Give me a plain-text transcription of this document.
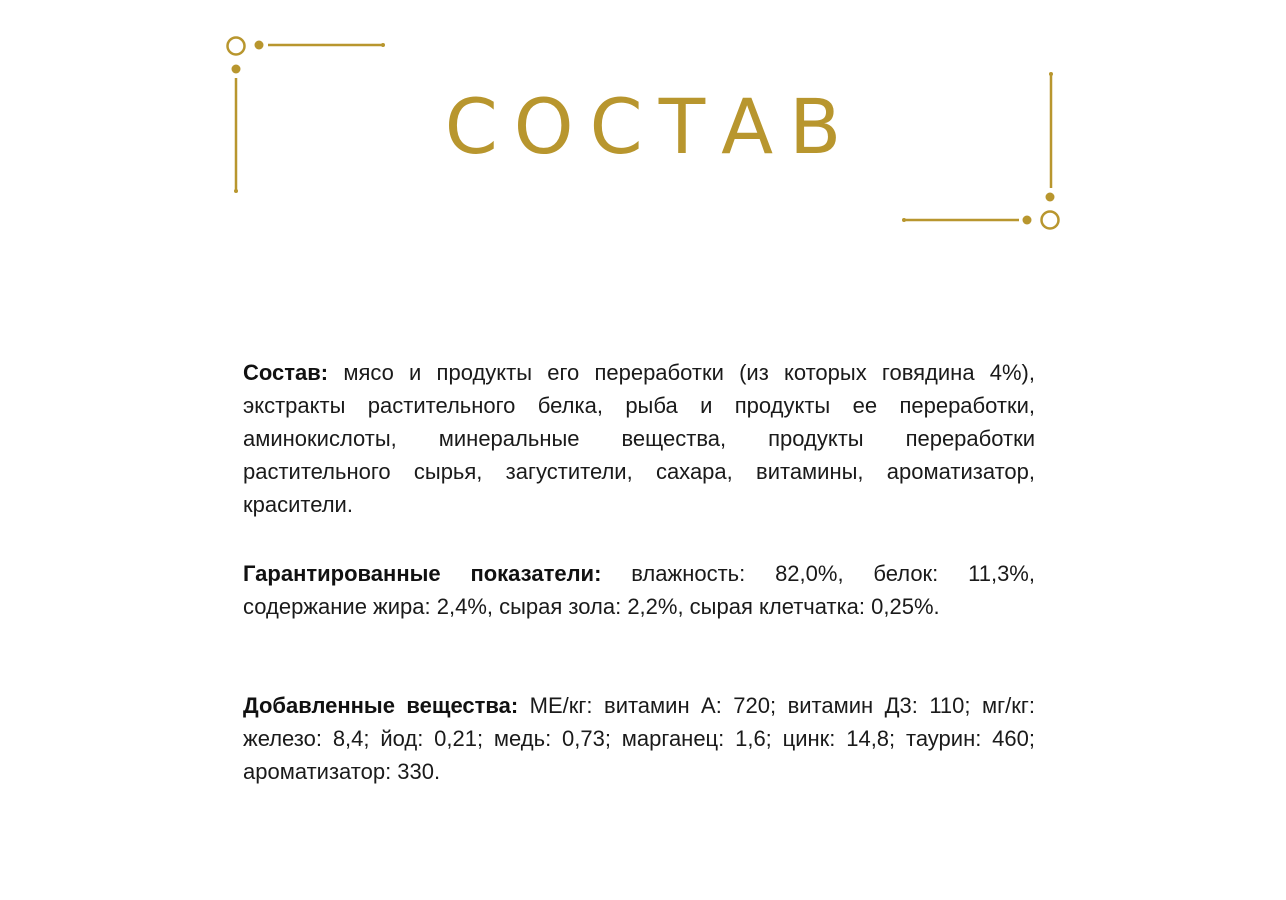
СОСТАВ

Состав: мясо и продукты его переработки (из которых говядина 4%), экстракты растительного белка, рыба и продукты ее переработки, аминокислоты, минеральные вещества, продукты переработки растительного сырья, загустители, сахара, витамины, ароматизатор, красители.

Гарантированные показатели: влажность: 82,0%, белок: 11,3%, содержание жира: 2,4%, сырая зола: 2,2%, сырая клетчатка: 0,25%.

Добавленные вещества: МЕ/кг: витамин А: 720; витамин Д3: 110; мг/кг: железо: 8,4; йод: 0,21; медь: 0,73; марганец: 1,6; цинк: 14,8; таурин: 460; ароматизатор: 330.
